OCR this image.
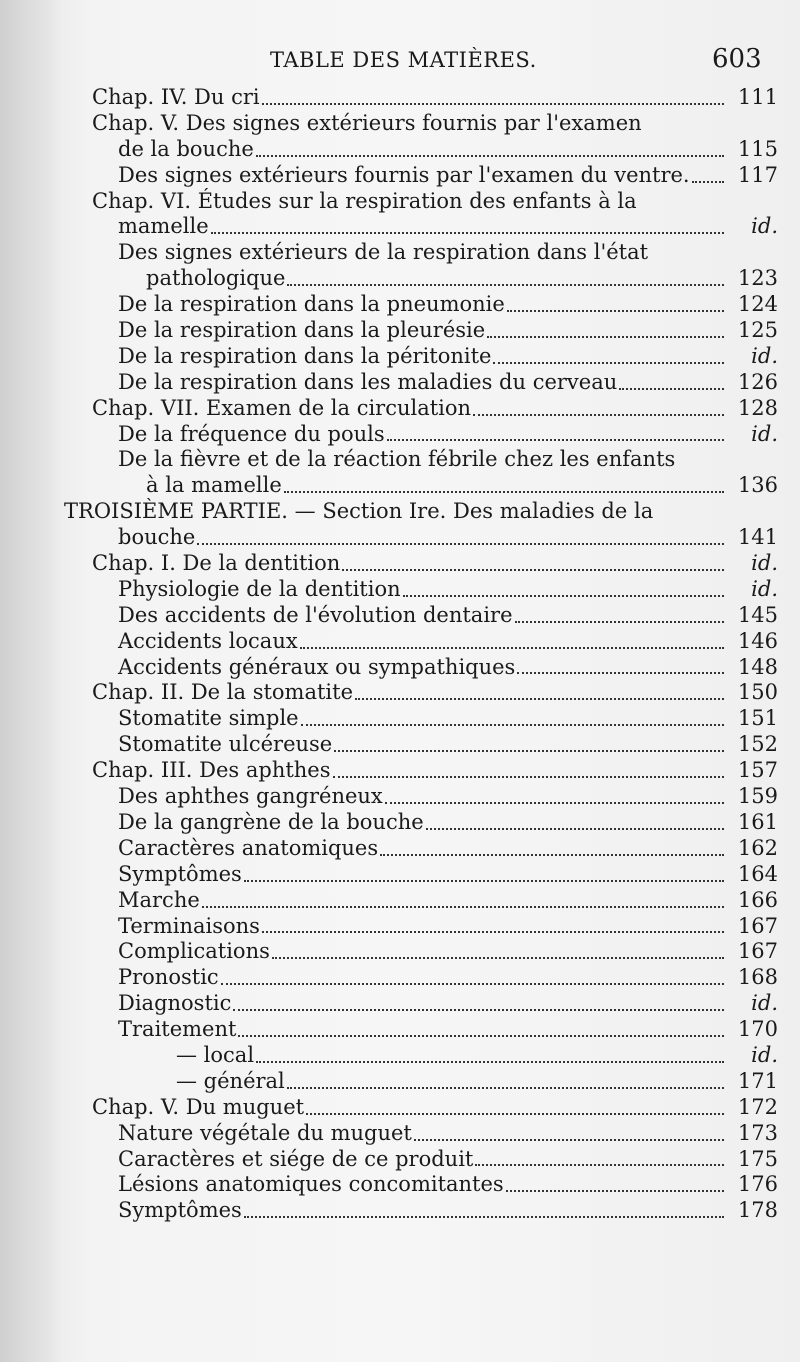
TABLE DES MATIÈRES.	603
Chap. IV. Du cri	111
Chap. V. Des signes extérieurs fournis par l'examen
de la bouche	115
Des signes extérieurs fournis par l'examen du ventre.	117
Chap. VI. Études sur la respiration des enfants à la
mamelle	id.
Des signes extérieurs de la respiration dans l'état
pathologique	123
De la respiration dans la pneumonie	124
De la respiration dans la pleurésie	125
De la respiration dans la péritonite	id.
De la respiration dans les maladies du cerveau	126
Chap. VII. Examen de la circulation	128
De la fréquence du pouls	id.
De la fièvre et de la réaction fébrile chez les enfants
à la mamelle	136
TROISIÈME PARTIE. — Section Ire. Des maladies de la
bouche	141
Chap. I. De la dentition	id.
Physiologie de la dentition	id.
Des accidents de l'évolution dentaire	145
Accidents locaux	146
Accidents généraux ou sympathiques	148
Chap. II. De la stomatite	150
Stomatite simple	151
Stomatite ulcéreuse	152
Chap. III. Des aphthes	157
Des aphthes gangréneux	159
De la gangrène de la bouche	161
Caractères anatomiques	162
Symptômes	164
Marche	166
Terminaisons	167
Complications	167
Pronostic	168
Diagnostic	id.
Traitement	170
— local	id.
— général	171
Chap. V. Du muguet	172
Nature végétale du muguet	173
Caractères et siége de ce produit	175
Lésions anatomiques concomitantes	176
Symptômes	178
